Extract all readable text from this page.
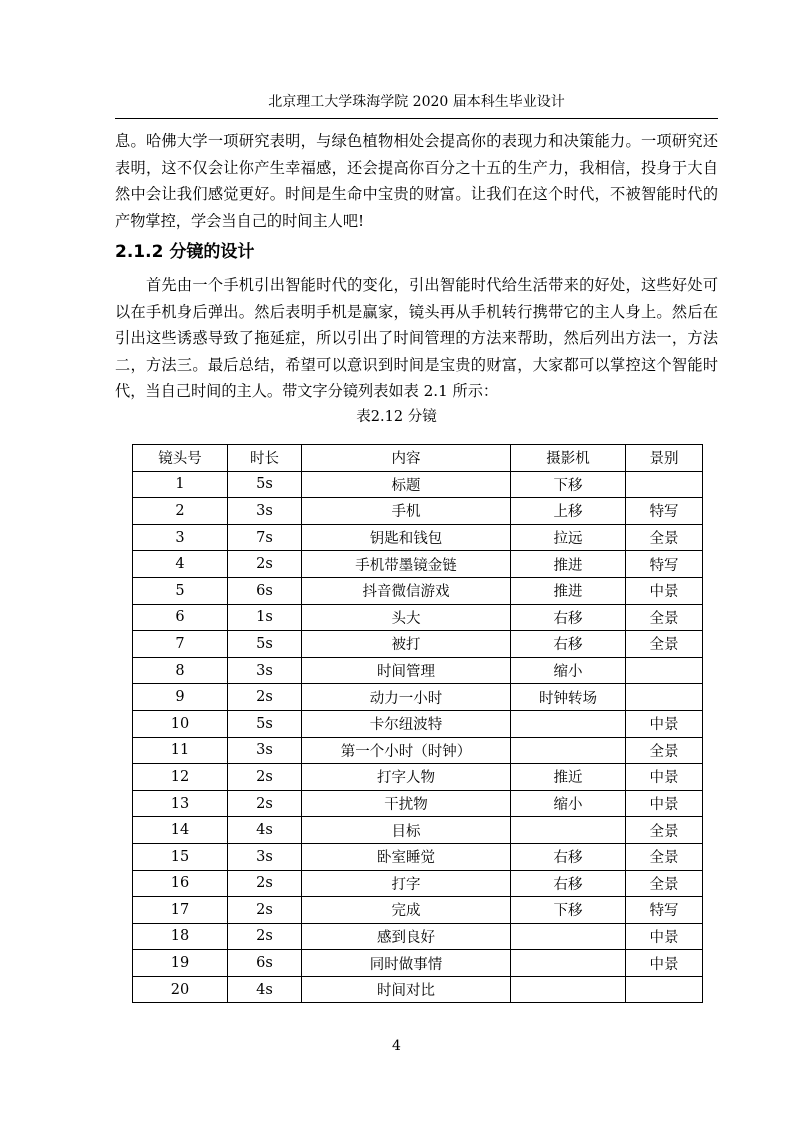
北京理工大学珠海学院 2020 届本科生毕业设计

息。哈佛大学一项研究表明，与绿色植物相处会提高你的表现力和决策能力。一项研究还表明，这不仅会让你产生幸福感，还会提高你百分之十五的生产力，我相信，投身于大自然中会让我们感觉更好。时间是生命中宝贵的财富。让我们在这个时代，不被智能时代的产物掌控，学会当自己的时间主人吧!

2.1.2 分镜的设计

首先由一个手机引出智能时代的变化，引出智能时代给生活带来的好处，这些好处可以在手机身后弹出。然后表明手机是赢家，镜头再从手机转行携带它的主人身上。然后在引出这些诱惑导致了拖延症，所以引出了时间管理的方法来帮助，然后列出方法一，方法二，方法三。最后总结，希望可以意识到时间是宝贵的财富，大家都可以掌控这个智能时代，当自己时间的主人。带文字分镜列表如表 2.1 所示：

表2.12 分镜
镜头号	时长	内容	摄影机	景别
1	5s	标题	下移	
2	3s	手机	上移	特写
3	7s	钥匙和钱包	拉远	全景
4	2s	手机带墨镜金链	推进	特写
5	6s	抖音微信游戏	推进	中景
6	1s	头大	右移	全景
7	5s	被打	右移	全景
8	3s	时间管理	缩小	
9	2s	动力一小时	时钟转场	
10	5s	卡尔纽波特		中景
11	3s	第一个小时（时钟）		全景
12	2s	打字人物	推近	中景
13	2s	干扰物	缩小	中景
14	4s	目标		全景
15	3s	卧室睡觉	右移	全景
16	2s	打字	右移	全景
17	2s	完成	下移	特写
18	2s	感到良好		中景
19	6s	同时做事情		中景
20	4s	时间对比		
4
